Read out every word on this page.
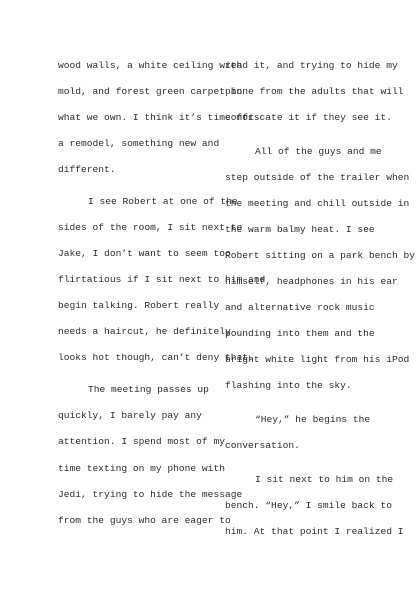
wood walls, a white ceiling with
mold, and forest green carpet in
what we own. I think it’s time for
a remodel, something new and
different.
I see Robert at one of the
sides of the room, I sit next to
Jake, I don’t want to seem too
flirtatious if I sit next to him and
begin talking. Robert really
needs a haircut, he definitely
looks hot though, can’t deny that.
The meeting passes up
quickly, I barely pay any
attention. I spend most of my
time texting on my phone with
Jedi, trying to hide the message
from the guys who are eager to
read it, and trying to hide my
phone from the adults that will
confiscate it if they see it.
All of the guys and me
step outside of the trailer when
the meeting and chill outside in
the warm balmy heat. I see
Robert sitting on a park bench by
himself, headphones in his ear
and alternative rock music
pounding into them and the
bright white light from his iPod
flashing into the sky.
“Hey,” he begins the
conversation.
I sit next to him on the
bench. “Hey,” I smile back to
him. At that point I realized I
